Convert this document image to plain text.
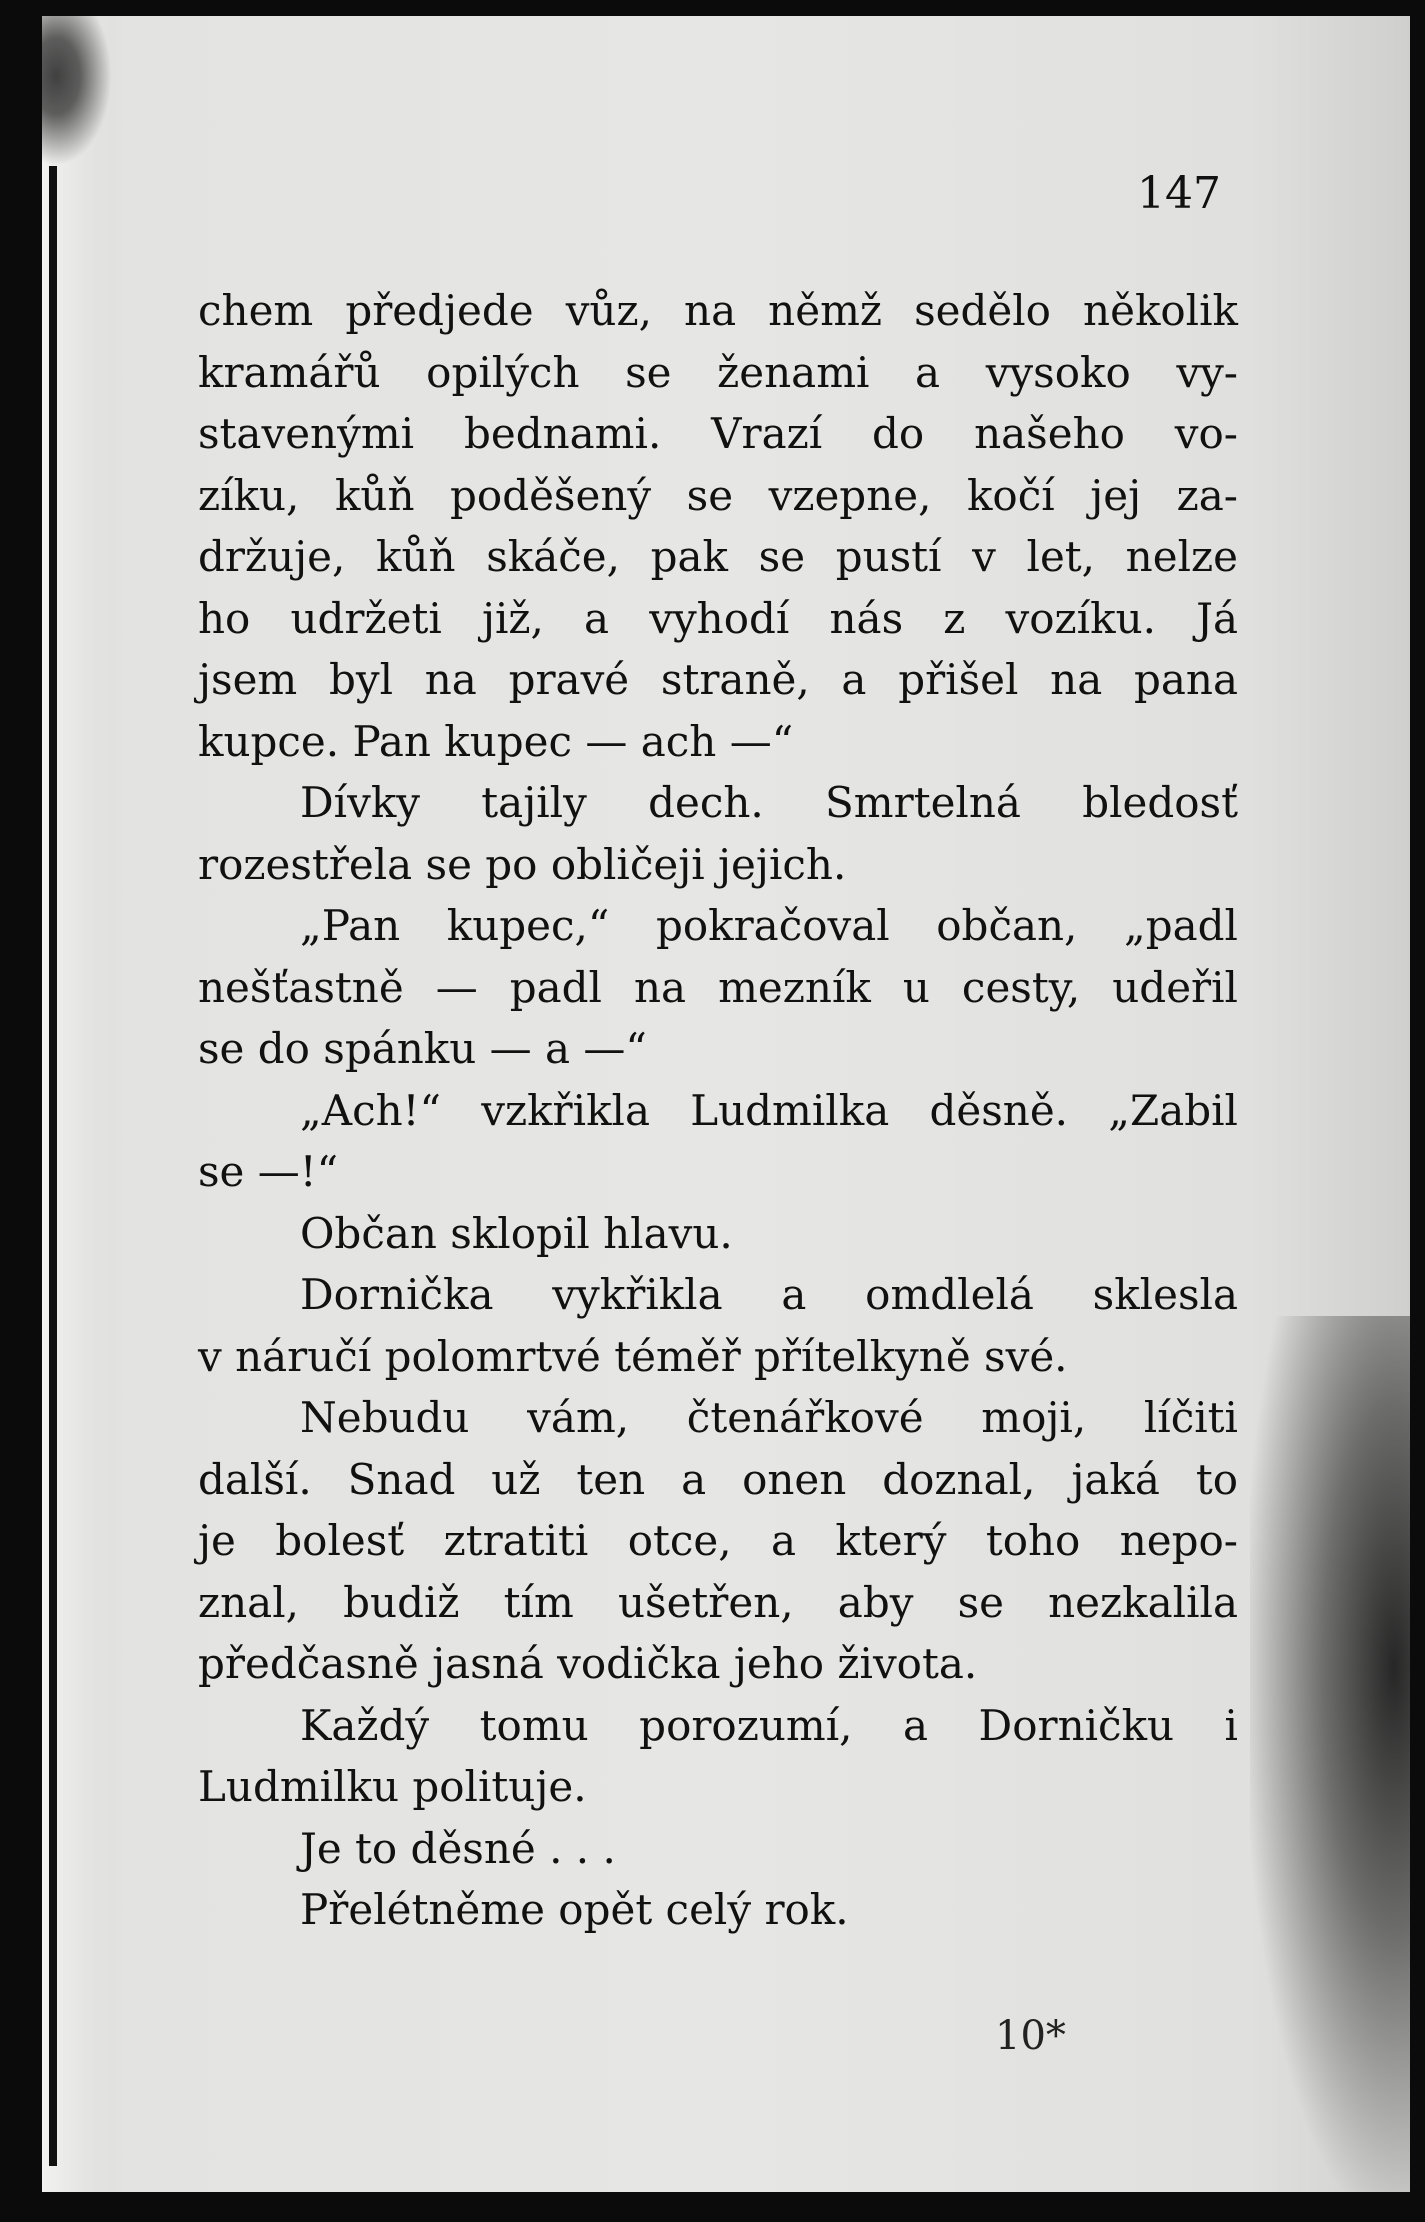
147
chem předjede vůz, na němž sedělo několik
kramářů opilých se ženami a vysoko vy-
stavenými bednami. Vrazí do našeho vo-
zíku, kůň poděšený se vzepne, kočí jej za-
držuje, kůň skáče, pak se pustí v let, nelze
ho udržeti již, a vyhodí nás z vozíku. Já
jsem byl na pravé straně, a přišel na pana
kupce. Pan kupec — ach —“
Dívky tajily dech. Smrtelná bledosť
rozestřela se po obličeji jejich.
„Pan kupec,“ pokračoval občan, „padl
nešťastně — padl na mezník u cesty, udeřil
se do spánku — a —“
„Ach!“ vzkřikla Ludmilka děsně. „Zabil
se —!“
Občan sklopil hlavu.
Dornička vykřikla a omdlelá sklesla
v náručí polomrtvé téměř přítelkyně své.
Nebudu vám, čtenářkové moji, líčiti
další. Snad už ten a onen doznal, jaká to
je bolesť ztratiti otce, a který toho nepo-
znal, budiž tím ušetřen, aby se nezkalila
předčasně jasná vodička jeho života.
Každý tomu porozumí, a Dorničku i
Ludmilku polituje.
Je to děsné . . .
Přelétněme opět celý rok.
10*
